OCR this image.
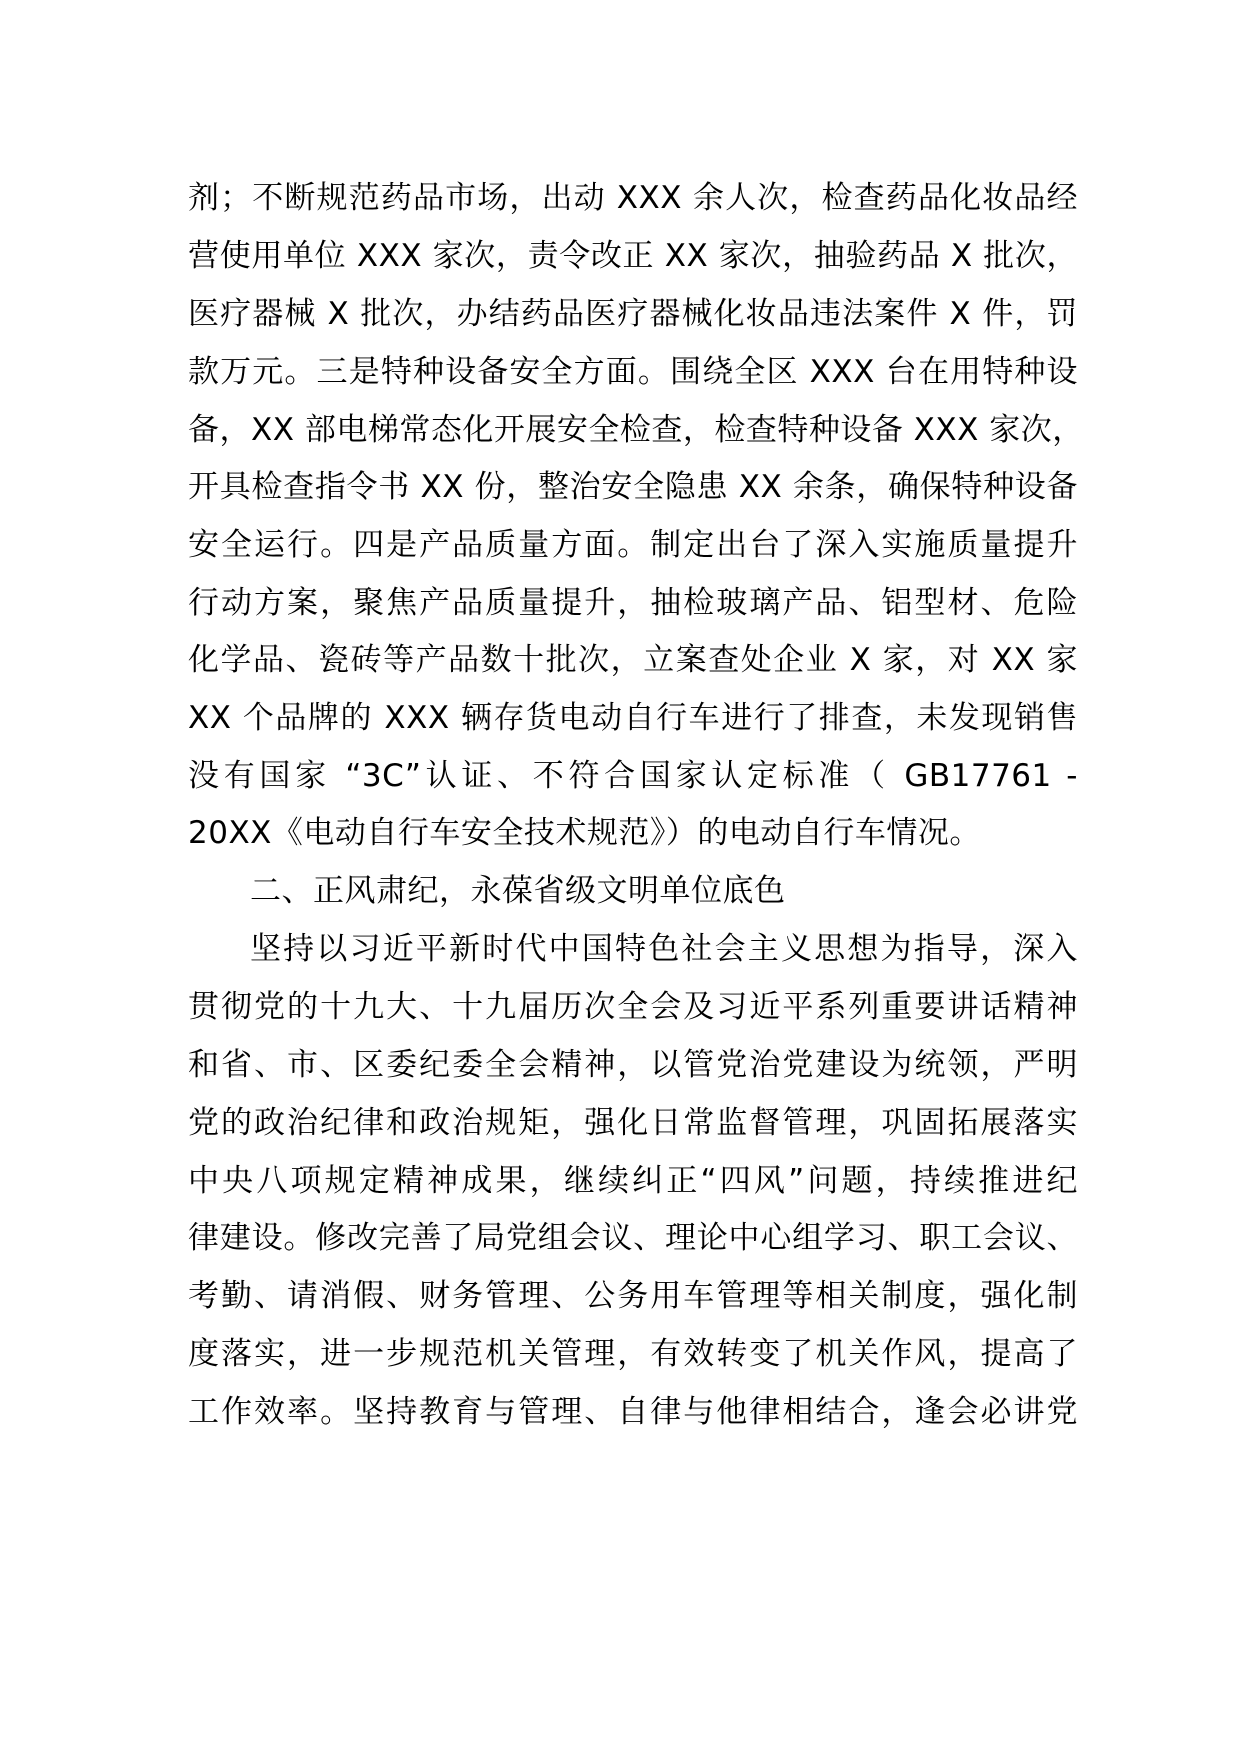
剂；不断规范药品市场，出动 XXX 余人次，检查药品化妆品经
营使用单位 XXX 家次，责令改正 XX 家次，抽验药品 X 批次，
医疗器械 X 批次，办结药品医疗器械化妆品违法案件 X 件，罚
款万元。三是特种设备安全方面。围绕全区 XXX 台在用特种设
备，XX 部电梯常态化开展安全检查，检查特种设备 XXX 家次，
开具检查指令书 XX 份，整治安全隐患 XX 余条，确保特种设备
安全运行。四是产品质量方面。制定出台了深入实施质量提升
行动方案，聚焦产品质量提升，抽检玻璃产品、铝型材、危险
化学品、瓷砖等产品数十批次，立案查处企业 X 家，对 XX 家
XX 个品牌的 XXX 辆存货电动自行车进行了排查，未发现销售
没有国家 “3C”认证、不符合国家认定标准（ GB17761 -
20XX《电动自行车安全技术规范》）的电动自行车情况。
二、正风肃纪，永葆省级文明单位底色
坚持以习近平新时代中国特色社会主义思想为指导，深入
贯彻党的十九大、十九届历次全会及习近平系列重要讲话精神
和省、市、区委纪委全会精神，以管党治党建设为统领，严明
党的政治纪律和政治规矩，强化日常监督管理，巩固拓展落实
中央八项规定精神成果，继续纠正“四风”问题，持续推进纪
律建设。修改完善了局党组会议、理论中心组学习、职工会议、
考勤、请消假、财务管理、公务用车管理等相关制度，强化制
度落实，进一步规范机关管理，有效转变了机关作风，提高了
工作效率。坚持教育与管理、自律与他律相结合，逢会必讲党
